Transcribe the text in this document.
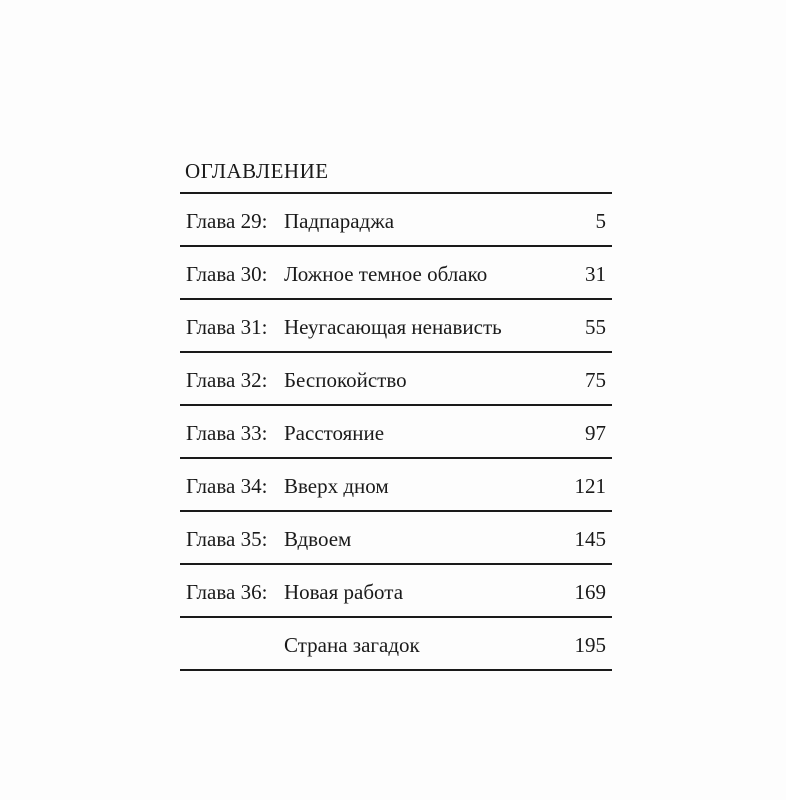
ОГЛАВЛЕНИЕ
Глава 29: Падпараджа	5
Глава 30: Ложное темное облако	31
Глава 31: Неугасающая ненависть	55
Глава 32: Беспокойство	75
Глава 33: Расстояние	97
Глава 34: Вверх дном	121
Глава 35: Вдвоем	145
Глава 36: Новая работа	169
Страна загадок	195
